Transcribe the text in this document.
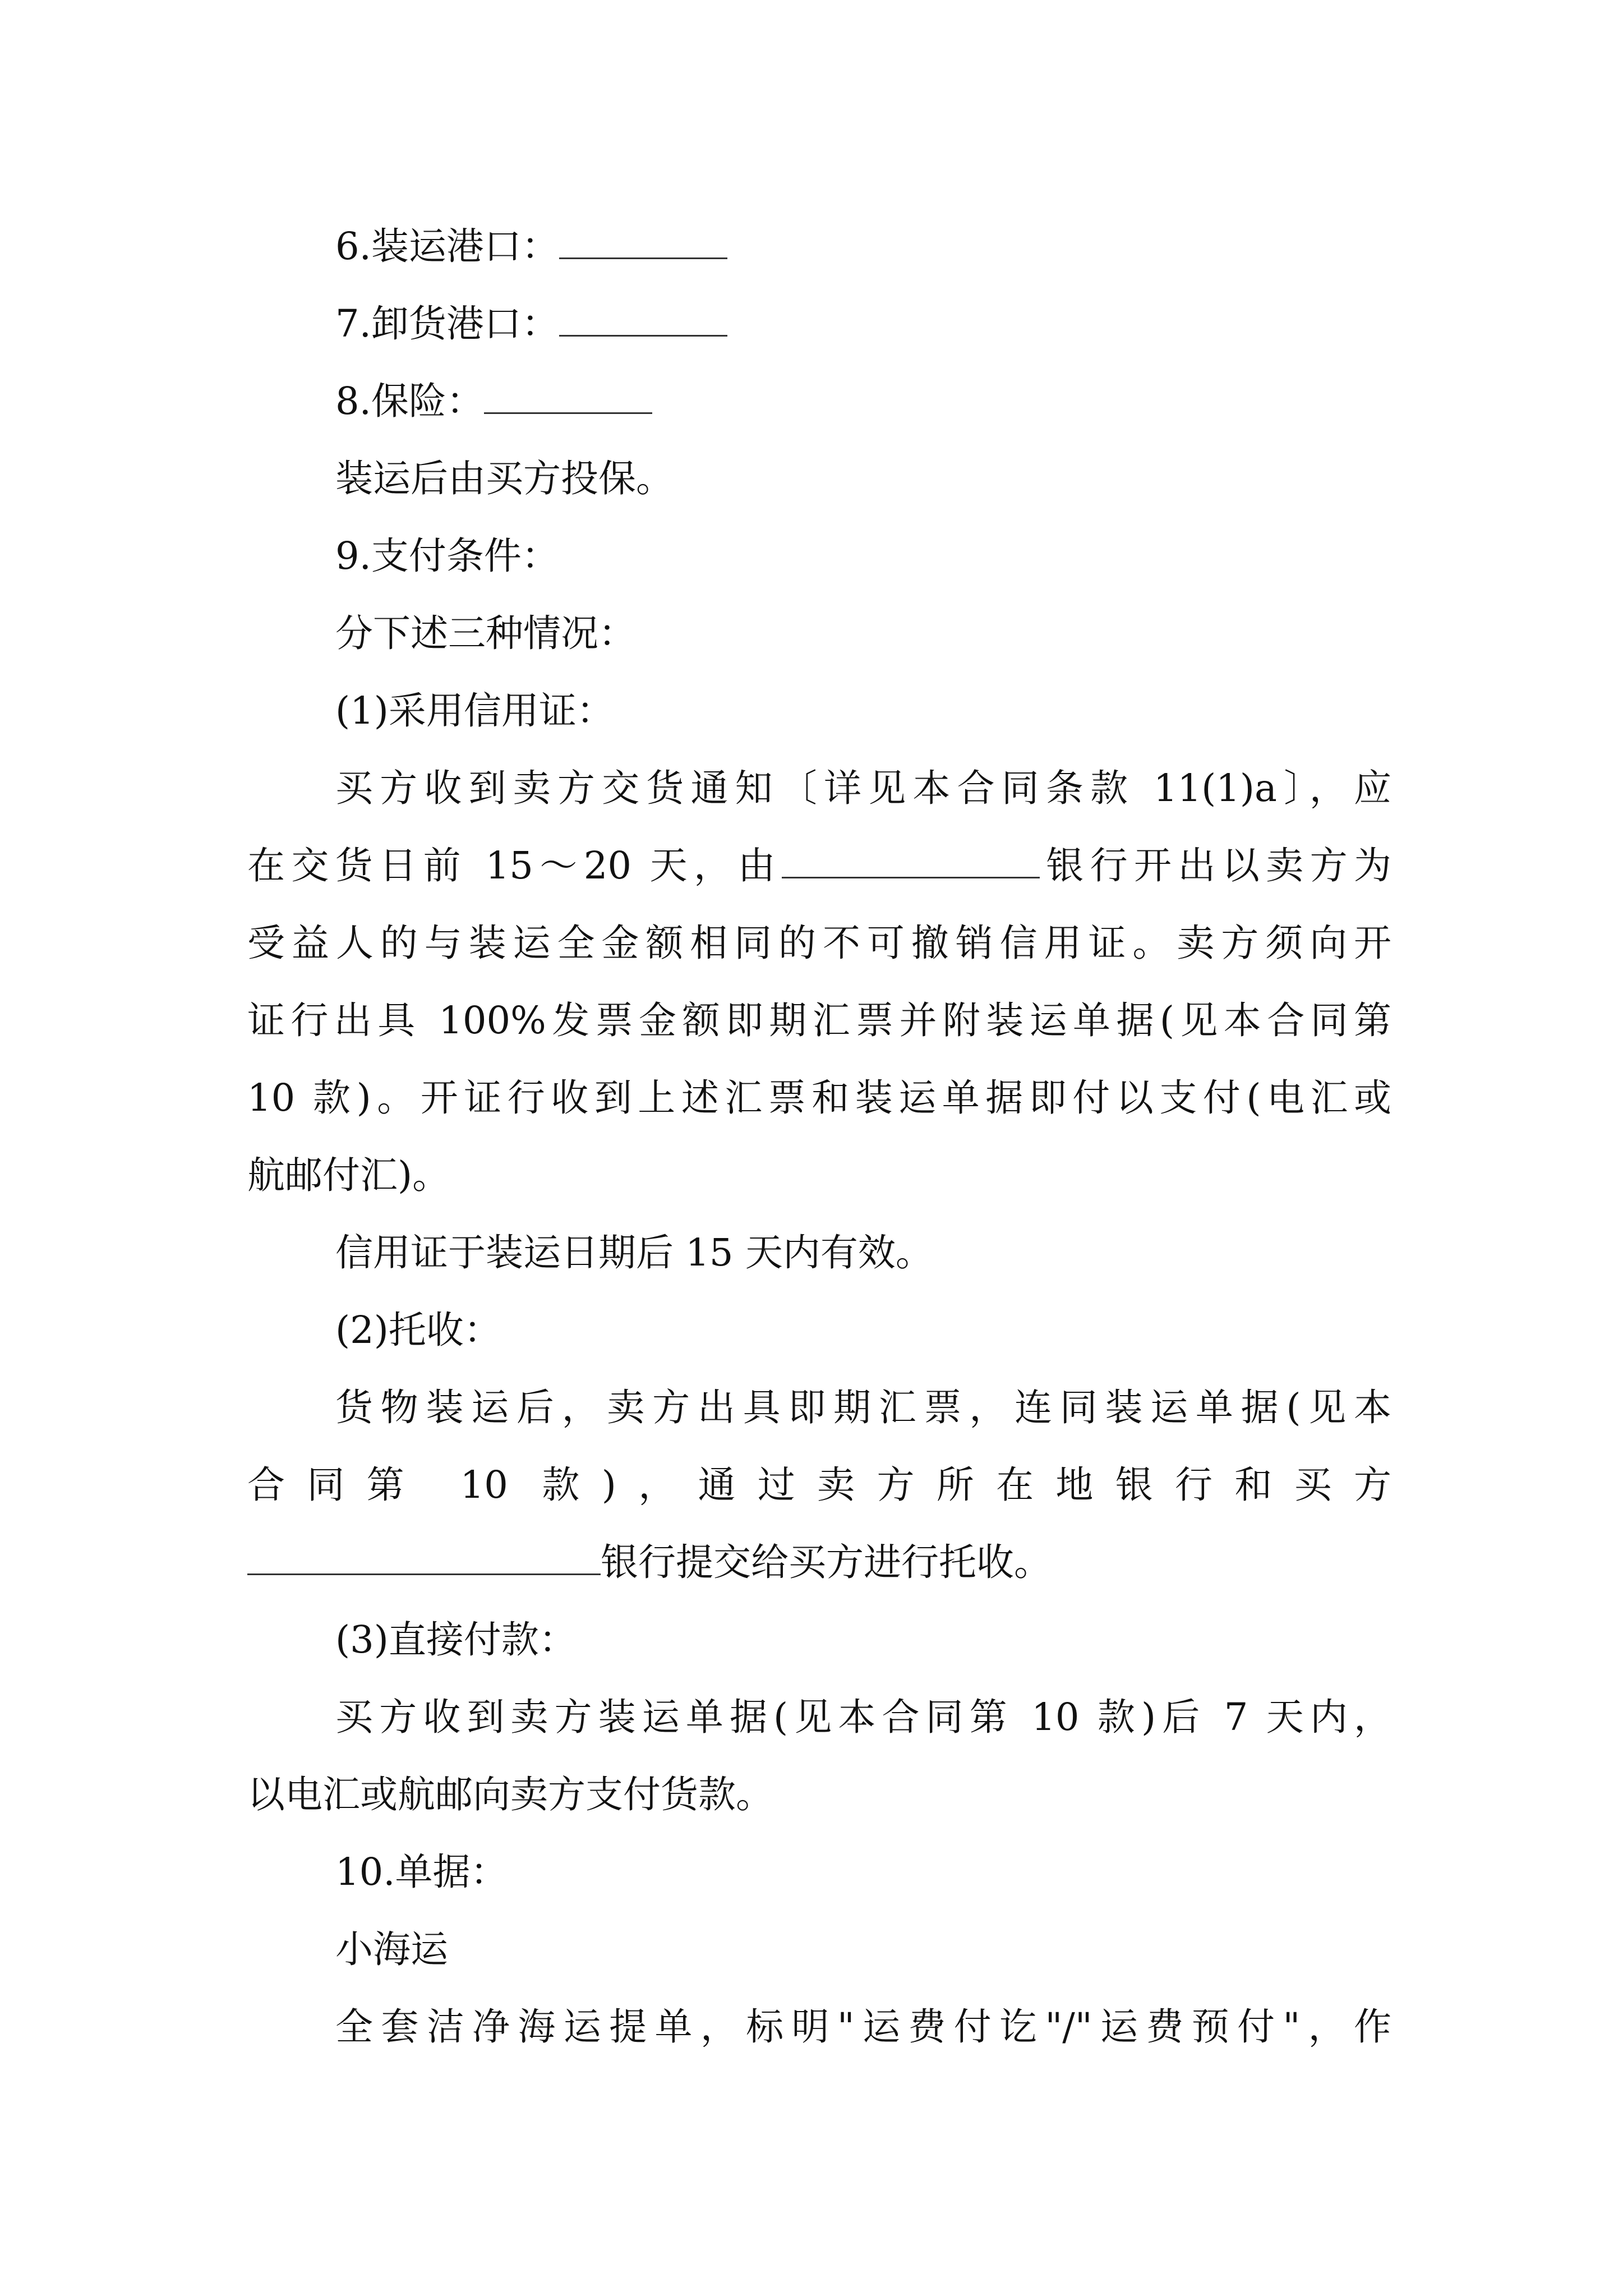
6.装运港口：
7.卸货港口：
8.保险：
装运后由买方投保。
9.支付条件：
分下述三种情况：
(1)采用信用证：
买方收到卖方交货通知〔详见本合同条款 11(1)a〕，应
在交货日前 15～20 天，由	银行开出以卖方为
受益人的与装运全金额相同的不可撤销信用证。卖方须向开
证行出具 100%发票金额即期汇票并附装运单据(见本合同第
10 款)。开证行收到上述汇票和装运单据即付以支付(电汇或
航邮付汇)。
信用证于装运日期后 15 天内有效。
(2)托收：
货物装运后，卖方出具即期汇票，连同装运单据(见本
合同第 10 款)，通过卖方所在地银行和买方
银行提交给买方进行托收。
(3)直接付款：
买方收到卖方装运单据(见本合同第 10 款)后 7 天内，
以电汇或航邮向卖方支付货款。
10.单据：
小海运
全套洁净海运提单，标明"运费付讫"/"运费预付"，作
